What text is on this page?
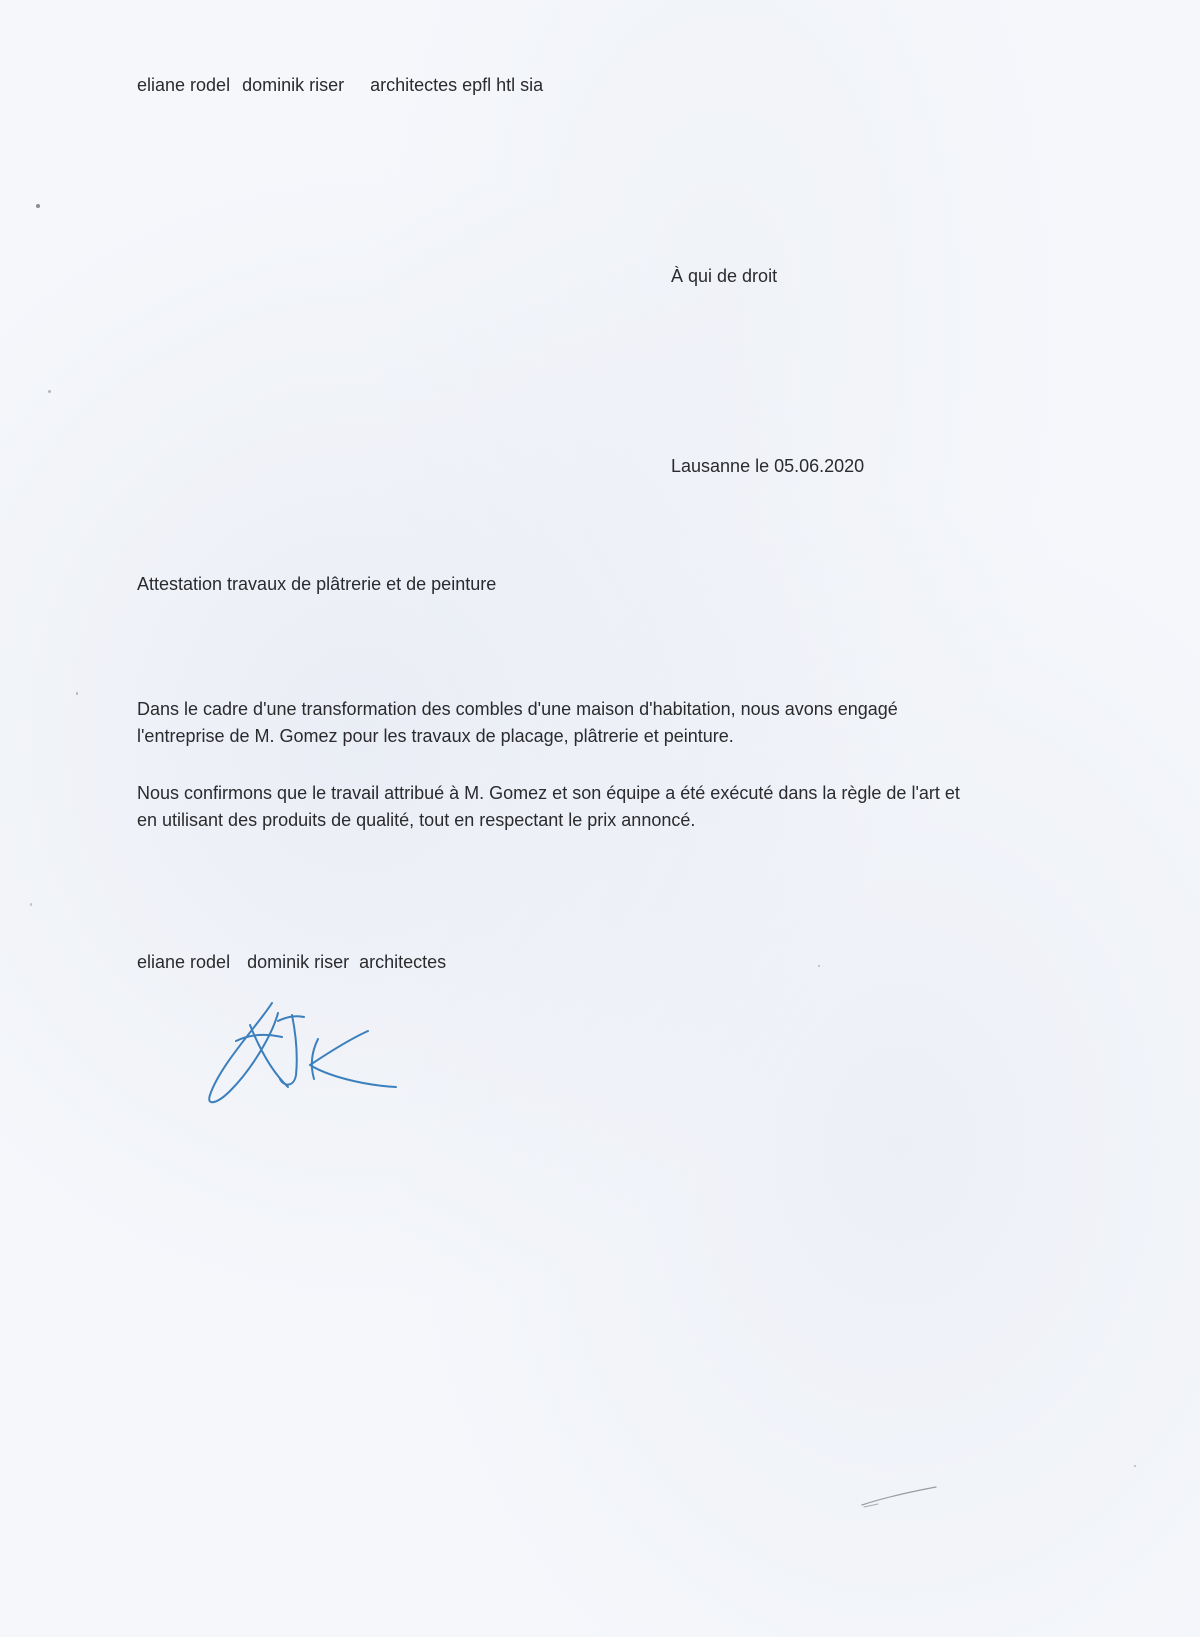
eliane rodel dominik riser architectes epfl htl sia
À qui de droit
Lausanne le 05.06.2020
Attestation travaux de plâtrerie et de peinture

Dans le cadre d'une transformation des combles d'une maison d'habitation, nous avons engagé

l'entreprise de M. Gomez pour les travaux de placage, plâtrerie et peinture.

Nous confirmons que le travail attribué à M. Gomez et son équipe a été exécuté dans la règle de l'art et

en utilisant des produits de qualité, tout en respectant le prix annoncé.

eliane rodel dominik riser architectes
